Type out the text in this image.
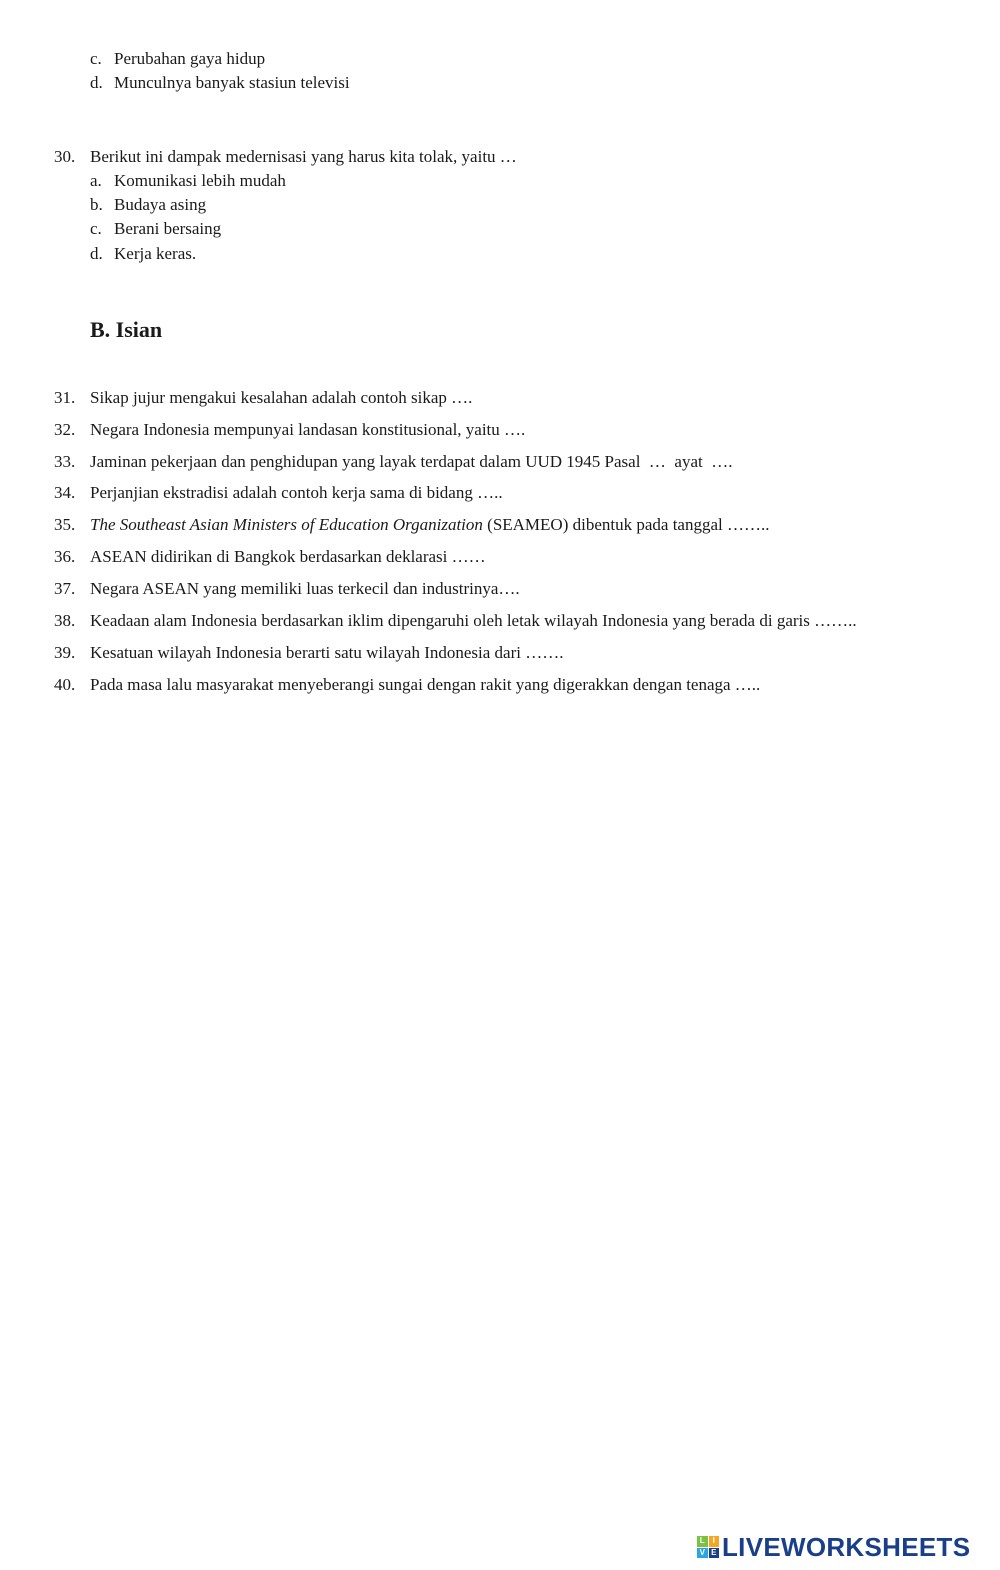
c. Perubahan gaya hidup
d. Munculnya banyak stasiun televisi
30. Berikut ini dampak medernisasi yang harus kita tolak, yaitu …
a. Komunikasi lebih mudah
b. Budaya asing
c. Berani bersaing
d. Kerja keras.
B. Isian
31. Sikap jujur mengakui kesalahan adalah contoh sikap ….
32. Negara Indonesia mempunyai landasan konstitusional, yaitu ….
33. Jaminan pekerjaan dan penghidupan yang layak terdapat dalam UUD 1945 Pasal  …  ayat  ….
34. Perjanjian ekstradisi adalah contoh kerja sama di bidang …..
35. The Southeast Asian Ministers of Education Organization (SEAMEO) dibentuk pada tanggal ……..
36. ASEAN didirikan di Bangkok berdasarkan deklarasi ……
37. Negara ASEAN yang memiliki luas terkecil dan industrinya….
38. Keadaan alam Indonesia berdasarkan iklim dipengaruhi oleh letak wilayah Indonesia yang berada di garis ……..
39. Kesatuan wilayah Indonesia berarti satu wilayah Indonesia dari …….
40. Pada masa lalu masyarakat menyeberangi sungai dengan rakit yang digerakkan dengan tenaga …..
L I
V E LIVEWORKSHEETS
